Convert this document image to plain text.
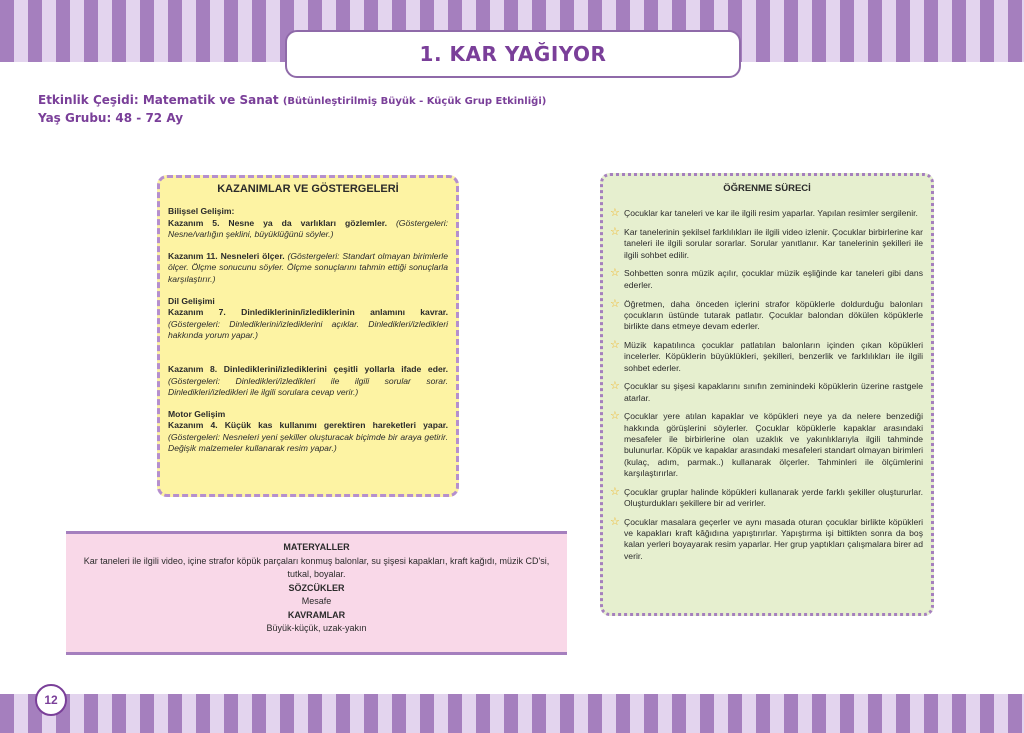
1. KAR YAĞIYOR
Etkinlik Çeşidi: Matematik ve Sanat (Bütünleştirilmiş Büyük - Küçük Grup Etkinliği)
Yaş Grubu: 48 - 72 Ay
KAZANIMLAR VE GÖSTERGELERİ

Bilişsel Gelişim:
Kazanım 5. Nesne ya da varlıkları gözlemler. (Göstergeleri: Nesne/varlığın şeklini, büyüklüğünü söyler.)

Kazanım 11. Nesneleri ölçer. (Göstergeleri: Standart olmayan birimlerle ölçer. Ölçme sonucunu söyler. Ölçme sonuçlarını tahmin ettiği sonuçlarla karşılaştırır.)

Dil Gelişimi
Kazanım 7. Dinlediklerinin/izlediklerinin anlamını kavrar. (Göstergeleri: Dinlediklerini/izlediklerini açıklar. Dinledikleri/izledikleri hakkında yorum yapar.)

Kazanım 8. Dinlediklerini/izlediklerini çeşitli yollarla ifade eder. (Göstergeleri: Dinledikleri/izledikleri ile ilgili sorular sorar. Dinledikleri/izledikleri ile ilgili sorulara cevap verir.)

Motor Gelişim
Kazanım 4. Küçük kas kullanımı gerektiren hareketleri yapar. (Göstergeleri: Nesneleri yeni şekiller oluşturacak biçimde bir araya getirir. Değişik malzemeler kullanarak resim yapar.)

ÖĞRENME SÜRECİ
☆ Çocuklar kar taneleri ve kar ile ilgili resim yaparlar. Yapılan resimler sergilenir.
☆ Kar tanelerinin şekilsel farklılıkları ile ilgili video izlenir. Çocuklar birbirlerine kar taneleri ile ilgili sorular sorarlar. Sorular yanıtlanır. Kar tanelerinin şekilleri ile ilgili sohbet edilir.
☆ Sohbetten sonra müzik açılır, çocuklar müzik eşliğinde kar taneleri gibi dans ederler.
☆ Öğretmen, daha önceden içlerini strafor köpüklerle doldurduğu balonları çocukların üstünde tutarak patlatır. Çocuklar balondan dökülen köpüklerle birlikte dans etmeye devam ederler.
☆ Müzik kapatılınca çocuklar patlatılan balonların içinden çıkan köpükleri incelerler. Köpüklerin büyüklükleri, şekilleri, benzerlik ve farklılıkları ile ilgili sohbet ederler.
☆ Çocuklar su şişesi kapaklarını sınıfın zeminindeki köpüklerin üzerine rastgele atarlar.
☆ Çocuklar yere atılan kapaklar ve köpükleri neye ya da nelere benzediği hakkında görüşlerini söylerler. Çocuklar köpüklerle kapaklar arasındaki mesafeler ile birbirlerine olan uzaklık ve yakınlıklarıyla ilgili tahminde bulunurlar. Köpük ve kapaklar arasındaki mesafeleri standart olmayan birimleri (kulaç, adım, parmak..) kullanarak ölçerler. Tahminleri ile ölçümlerini karşılaştırırlar.
☆ Çocuklar gruplar halinde köpükleri kullanarak yerde farklı şekiller oluştururlar. Oluşturdukları şekillere bir ad verirler.
☆ Çocuklar masalara geçerler ve aynı masada oturan çocuklar birlikte köpükleri ve kapakları kraft kâğıdına yapıştırırlar. Yapıştırma işi bittikten sonra da boş kalan yerleri boyayarak resim yaparlar. Her grup yaptıkları çalışmalara birer ad verir.
MATERYALLER
Kar taneleri ile ilgili video, içine strafor köpük parçaları konmuş balonlar, su şişesi kapakları, kraft kağıdı, müzik CD'si, tutkal, boyalar.
SÖZCÜKLER
Mesafe
KAVRAMLAR
Büyük-küçük, uzak-yakın
12
